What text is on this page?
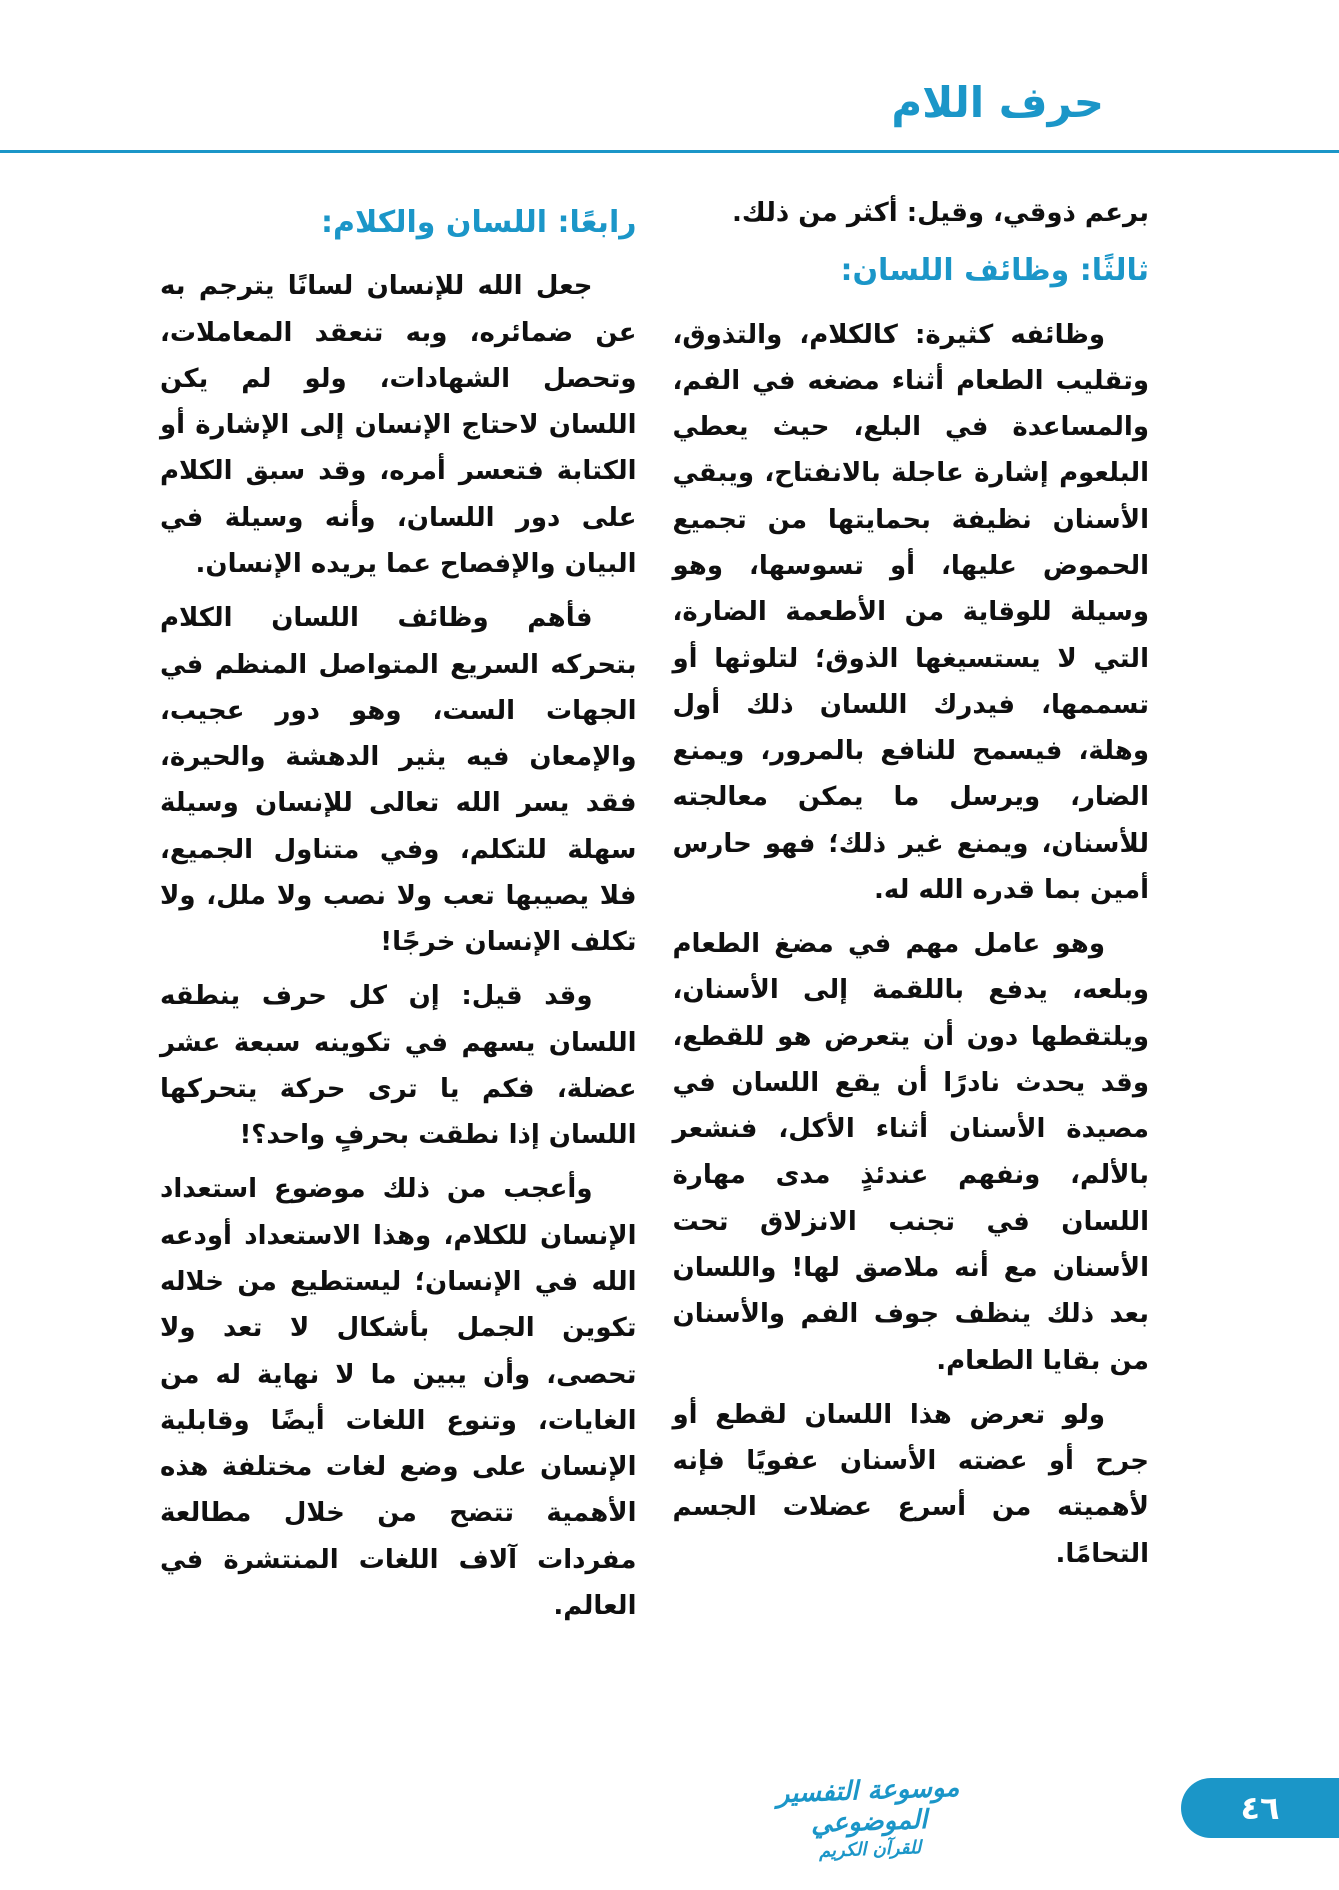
حرف اللام

برعم ذوقي، وقيل: أكثر من ذلك.

ثالثًا: وظائف اللسان:

وظائفه كثيرة: كالكلام، والتذوق، وتقليب الطعام أثناء مضغه في الفم، والمساعدة في البلع، حيث يعطي البلعوم إشارة عاجلة بالانفتاح، ويبقي الأسنان نظيفة بحمايتها من تجميع الحموض عليها، أو تسوسها، وهو وسيلة للوقاية من الأطعمة الضارة، التي لا يستسيغها الذوق؛ لتلوثها أو تسممها، فيدرك اللسان ذلك أول وهلة، فيسمح للنافع بالمرور، ويمنع الضار، ويرسل ما يمكن معالجته للأسنان، ويمنع غير ذلك؛ فهو حارس أمين بما قدره الله له.

وهو عامل مهم في مضغ الطعام وبلعه، يدفع باللقمة إلى الأسنان، ويلتقطها دون أن يتعرض هو للقطع، وقد يحدث نادرًا أن يقع اللسان في مصيدة الأسنان أثناء الأكل، فنشعر بالألم، ونفهم عندئذٍ مدى مهارة اللسان في تجنب الانزلاق تحت الأسنان مع أنه ملاصق لها! واللسان بعد ذلك ينظف جوف الفم والأسنان من بقايا الطعام.

ولو تعرض هذا اللسان لقطع أو جرح أو عضته الأسنان عفويًا فإنه لأهميته من أسرع عضلات الجسم التحامًا.

رابعًا: اللسان والكلام:

جعل الله للإنسان لسانًا يترجم به عن ضمائره، وبه تنعقد المعاملات، وتحصل الشهادات، ولو لم يكن اللسان لاحتاج الإنسان إلى الإشارة أو الكتابة فتعسر أمره، وقد سبق الكلام على دور اللسان، وأنه وسيلة في البيان والإفصاح عما يريده الإنسان.

فأهم وظائف اللسان الكلام بتحركه السريع المتواصل المنظم في الجهات الست، وهو دور عجيب، والإمعان فيه يثير الدهشة والحيرة، فقد يسر الله تعالى للإنسان وسيلة سهلة للتكلم، وفي متناول الجميع، فلا يصيبها تعب ولا نصب ولا ملل، ولا تكلف الإنسان خرجًا!

وقد قيل: إن كل حرف ينطقه اللسان يسهم في تكوينه سبعة عشر عضلة، فكم يا ترى حركة يتحركها اللسان إذا نطقت بحرفٍ واحد؟!

وأعجب من ذلك موضوع استعداد الإنسان للكلام، وهذا الاستعداد أودعه الله في الإنسان؛ ليستطيع من خلاله تكوين الجمل بأشكال لا تعد ولا تحصى، وأن يبين ما لا نهاية له من الغايات، وتنوع اللغات أيضًا وقابلية الإنسان على وضع لغات مختلفة هذه الأهمية تتضح من خلال مطالعة مفردات آلاف اللغات المنتشرة في العالم.

موسوعة التفسير الموضوعي
للقرآن الكريم
٤٦
